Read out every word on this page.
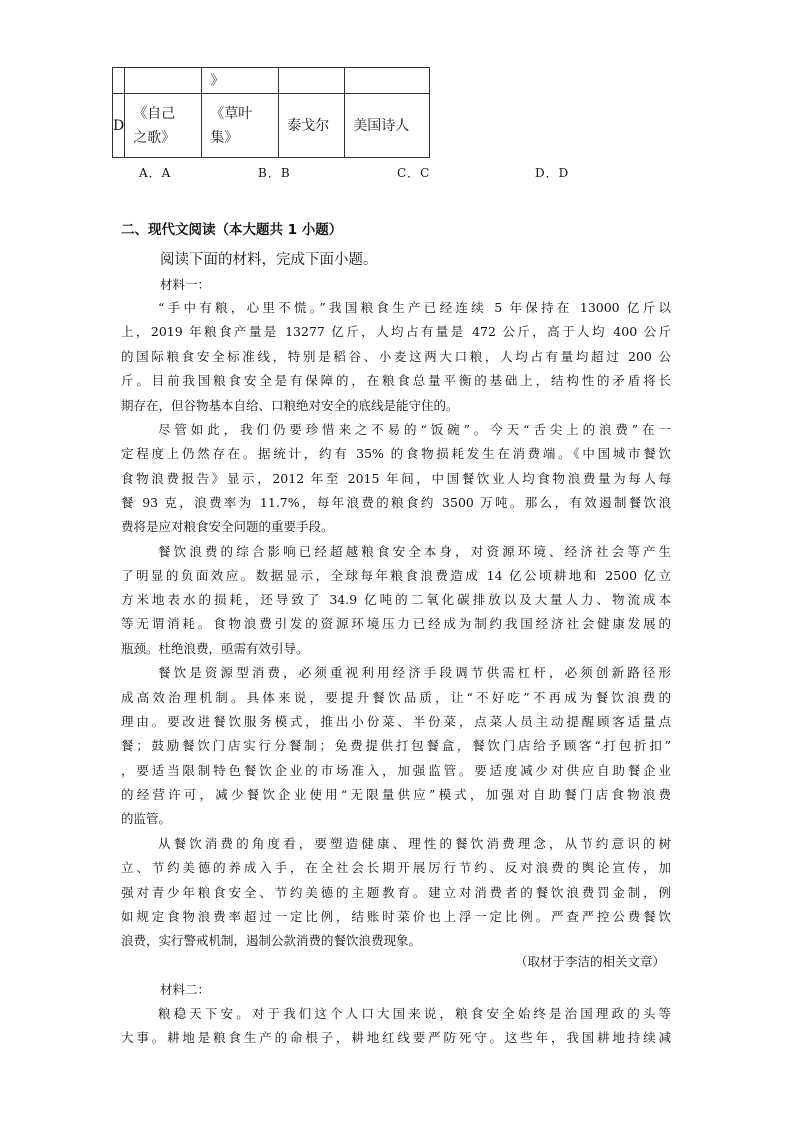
		》		
D	《自己
之歌》	《草叶
集》	泰戈尔	美国诗人
A．A	B．B	C．C	D．D
二、现代文阅读（本大题共 1 小题）
阅读下面的材料，完成下面小题。
材料一：
“手中有粮，心里不慌。”我国粮食生产已经连续 5 年保持在 13000 亿斤以
上，2019 年粮食产量是 13277 亿斤，人均占有量是 472 公斤，高于人均 400 公斤
的国际粮食安全标准线，特别是稻谷、小麦这两大口粮，人均占有量均超过 200 公
斤。目前我国粮食安全是有保障的，在粮食总量平衡的基础上，结构性的矛盾将长
期存在，但谷物基本自给、口粮绝对安全的底线是能守住的。
尽管如此，我们仍要珍惜来之不易的“饭碗”。今天“舌尖上的浪费”在一
定程度上仍然存在。据统计，约有 35% 的食物损耗发生在消费端。《中国城市餐饮
食物浪费报告》显示，2012 年至 2015 年间，中国餐饮业人均食物浪费量为每人每
餐 93 克，浪费率为 11.7%，每年浪费的粮食约 3500 万吨。那么，有效遏制餐饮浪
费将是应对粮食安全问题的重要手段。
餐饮浪费的综合影响已经超越粮食安全本身，对资源环境、经济社会等产生
了明显的负面效应。数据显示，全球每年粮食浪费造成 14 亿公顷耕地和 2500 亿立
方米地表水的损耗，还导致了 34.9 亿吨的二氧化碳排放以及大量人力、物流成本
等无谓消耗。食物浪费引发的资源环境压力已经成为制约我国经济社会健康发展的
瓶颈。杜绝浪费，亟需有效引导。
餐饮是资源型消费，必须重视利用经济手段调节供需杠杆，必须创新路径形
成高效治理机制。具体来说，要提升餐饮品质，让“不好吃”不再成为餐饮浪费的
理由。要改进餐饮服务模式，推出小份菜、半份菜，点菜人员主动提醒顾客适量点
餐；鼓励餐饮门店实行分餐制；免费提供打包餐盒，餐饮门店给予顾客“打包折扣”
，要适当限制特色餐饮企业的市场准入，加强监管。要适度减少对供应自助餐企业
的经营许可，减少餐饮企业使用“无限量供应”模式，加强对自助餐门店食物浪费
的监管。
从餐饮消费的角度看，要塑造健康、理性的餐饮消费理念，从节约意识的树
立、节约美德的养成入手，在全社会长期开展厉行节约、反对浪费的舆论宣传，加
强对青少年粮食安全、节约美德的主题教育。建立对消费者的餐饮浪费罚金制，例
如规定食物浪费率超过一定比例，结账时菜价也上浮一定比例。严查严控公费餐饮
浪费，实行警戒机制，遏制公款消费的餐饮浪费现象。
（取材于李洁的相关文章）
材料二：
粮稳天下安。对于我们这个人口大国来说，粮食安全始终是治国理政的头等
大事。耕地是粮食生产的命根子，耕地红线要严防死守。这些年，我国耕地持续减
